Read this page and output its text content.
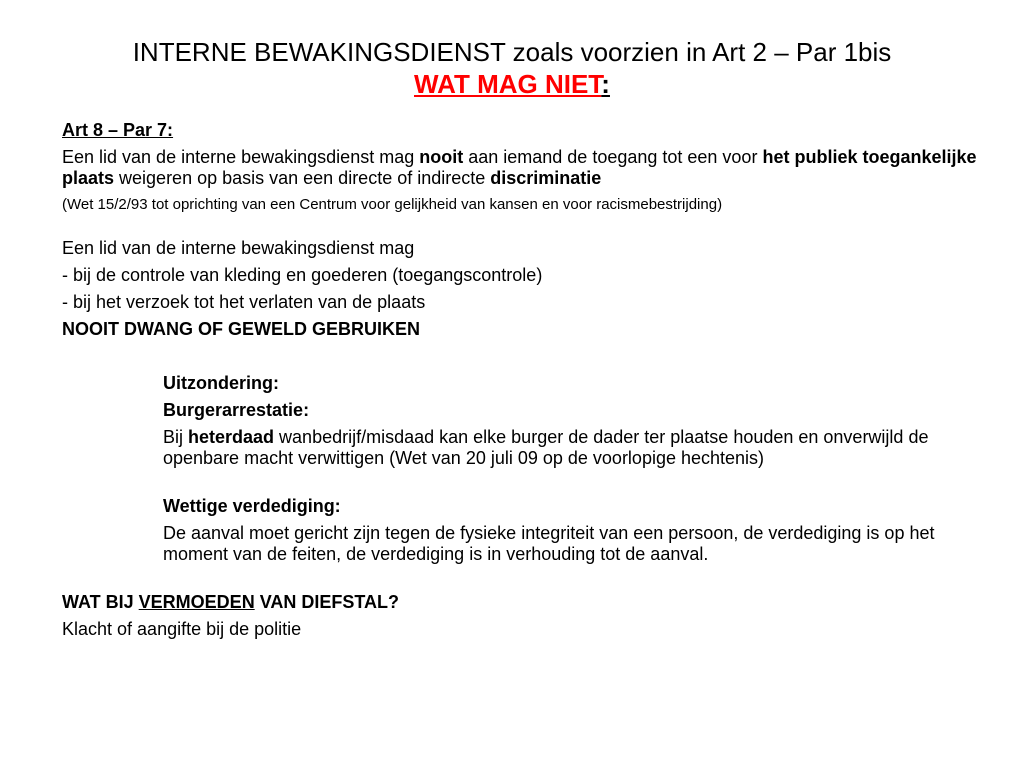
INTERNE BEWAKINGSDIENST zoals voorzien in Art 2 – Par 1bis
WAT MAG NIET:
Art 8 – Par 7:
Een lid van de interne bewakingsdienst mag nooit aan iemand de toegang tot een voor het publiek toegankelijke plaats weigeren op basis van een directe of indirecte discriminatie
(Wet 15/2/93 tot oprichting van een Centrum voor gelijkheid van kansen en voor racismebestrijding)
Een lid van de interne bewakingsdienst mag
- bij de controle van kleding en goederen (toegangscontrole)
- bij het verzoek tot het verlaten van de plaats
NOOIT DWANG OF GEWELD GEBRUIKEN
Uitzondering:
Burgerarrestatie:
Bij heterdaad wanbedrijf/misdaad kan elke burger de dader ter plaatse houden en onverwijld de openbare macht verwittigen (Wet van 20 juli 09 op de voorlopige hechtenis)
Wettige verdediging:
De aanval moet gericht zijn tegen de fysieke integriteit van een persoon, de verdediging is op het moment van de feiten, de verdediging is in verhouding tot de aanval.
WAT BIJ VERMOEDEN VAN DIEFSTAL?
Klacht of aangifte bij de politie
